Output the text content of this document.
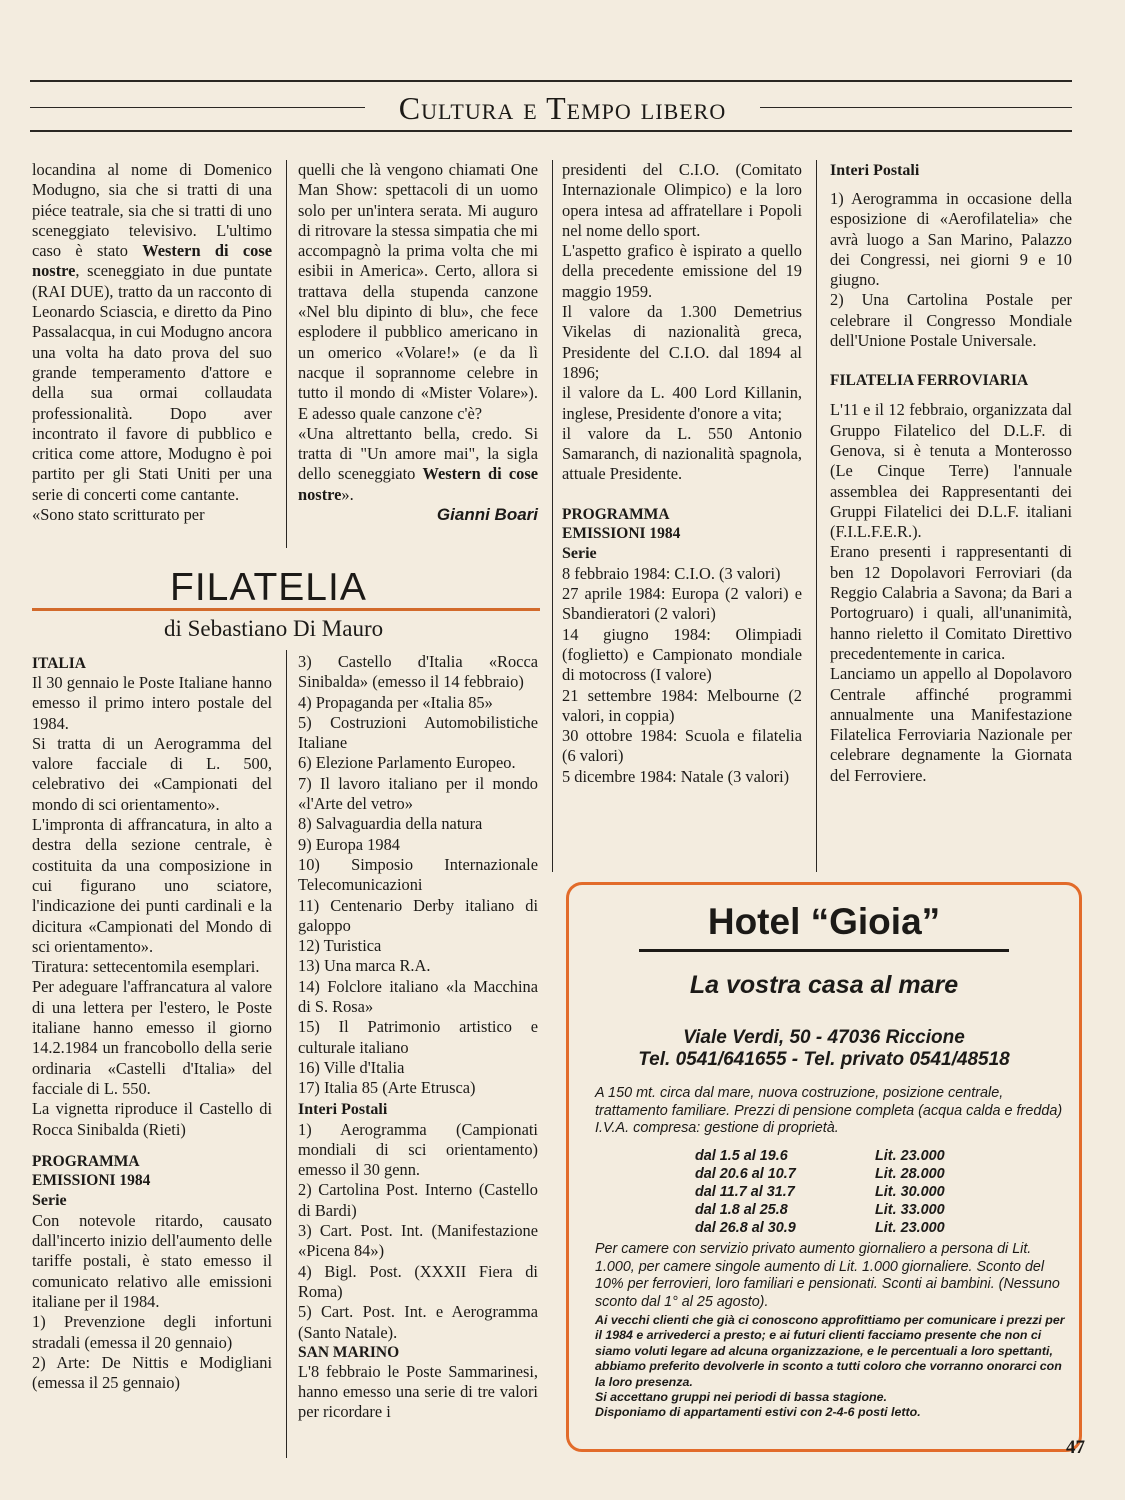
Cultura e Tempo libero

locandina al nome di Domenico Modugno, sia che si tratti di una piéce teatrale, sia che si tratti di uno sceneggiato televisivo. L'ultimo caso è stato Western di cose nostre, sceneggiato in due puntate (RAI DUE), tratto da un racconto di Leonardo Sciascia, e diretto da Pino Passalacqua, in cui Modugno ancora una volta ha dato prova del suo grande temperamento d'attore e della sua ormai collaudata professionalità. Dopo aver incontrato il favore di pubblico e critica come attore, Modugno è poi partito per gli Stati Uniti per una serie di concerti come cantante.

«Sono stato scritturato per

quelli che là vengono chiamati One Man Show: spettacoli di un uomo solo per un'intera serata. Mi auguro di ritrovare la stessa simpatia che mi accompagnò la prima volta che mi esibii in America». Certo, allora si trattava della stupenda canzone «Nel blu dipinto di blu», che fece esplodere il pubblico americano in un omerico «Volare!» (e da lì nacque il soprannome celebre in tutto il mondo di «Mister Volare»). E adesso quale canzone c'è?

«Una altrettanto bella, credo. Si tratta di "Un amore mai", la sigla dello sceneggiato Western di cose nostre».

Gianni Boari

FILATELIA
di Sebastiano Di Mauro

ITALIA

Il 30 gennaio le Poste Italiane hanno emesso il primo intero postale del 1984.

Si tratta di un Aerogramma del valore facciale di L. 500, celebrativo dei «Campionati del mondo di sci orientamento».

L'impronta di affrancatura, in alto a destra della sezione centrale, è costituita da una composizione in cui figurano uno sciatore, l'indicazione dei punti cardinali e la dicitura «Campionati del Mondo di sci orientamento».

Tiratura: settecentomila esemplari.

Per adeguare l'affrancatura al valore di una lettera per l'estero, le Poste italiane hanno emesso il giorno 14.2.1984 un francobollo della serie ordinaria «Castelli d'Italia» del facciale di L. 550.

La vignetta riproduce il Castello di Rocca Sinibalda (Rieti)

PROGRAMMA EMISSIONI 1984

Serie

Con notevole ritardo, causato dall'incerto inizio dell'aumento delle tariffe postali, è stato emesso il comunicato relativo alle emissioni italiane per il 1984.

1) Prevenzione degli infortuni stradali (emessa il 20 gennaio)

2) Arte: De Nittis e Modigliani (emessa il 25 gennaio)

3) Castello d'Italia «Rocca Sinibalda» (emesso il 14 febbraio)

4) Propaganda per «Italia 85»

5) Costruzioni Automobilistiche Italiane

6) Elezione Parlamento Europeo.

7) Il lavoro italiano per il mondo «l'Arte del vetro»

8) Salvaguardia della natura

9) Europa 1984

10) Simposio Internazionale Telecomunicazioni

11) Centenario Derby italiano di galoppo

12) Turistica

13) Una marca R.A.

14) Folclore italiano «la Macchina di S. Rosa»

15) Il Patrimonio artistico e culturale italiano

16) Ville d'Italia

17) Italia 85 (Arte Etrusca)

Interi Postali

1) Aerogramma (Campionati mondiali di sci orientamento) emesso il 30 genn.

2) Cartolina Post. Interno (Castello di Bardi)

3) Cart. Post. Int. (Manifestazione «Picena 84»)

4) Bigl. Post. (XXXII Fiera di Roma)

5) Cart. Post. Int. e Aerogramma (Santo Natale).

SAN MARINO

L'8 febbraio le Poste Sammarinesi, hanno emesso una serie di tre valori per ricordare i

presidenti del C.I.O. (Comitato Internazionale Olimpico) e la loro opera intesa ad affratellare i Popoli nel nome dello sport.

L'aspetto grafico è ispirato a quello della precedente emissione del 19 maggio 1959.

Il valore da 1.300 Demetrius Vikelas di nazionalità greca, Presidente del C.I.O. dal 1894 al 1896;

il valore da L. 400 Lord Killanin, inglese, Presidente d'onore a vita;

il valore da L. 550 Antonio Samaranch, di nazionalità spagnola, attuale Presidente.

PROGRAMMA EMISSIONI 1984

Serie

8 febbraio 1984: C.I.O. (3 valori)

27 aprile 1984: Europa (2 valori) e Sbandieratori (2 valori)

14 giugno 1984: Olimpiadi (foglietto) e Campionato mondiale di motocross (I valore)

21 settembre 1984: Melbourne (2 valori, in coppia)

30 ottobre 1984: Scuola e filatelia (6 valori)

5 dicembre 1984: Natale (3 valori)

Interi Postali

1) Aerogramma in occasione della esposizione di «Aerofilatelia» che avrà luogo a San Marino, Palazzo dei Congressi, nei giorni 9 e 10 giugno.

2) Una Cartolina Postale per celebrare il Congresso Mondiale dell'Unione Postale Universale.

FILATELIA FERROVIARIA

L'11 e il 12 febbraio, organizzata dal Gruppo Filatelico del D.L.F. di Genova, si è tenuta a Monterosso (Le Cinque Terre) l'annuale assemblea dei Rappresentanti dei Gruppi Filatelici dei D.L.F. italiani (F.I.L.F.E.R.).

Erano presenti i rappresentanti di ben 12 Dopolavori Ferroviari (da Reggio Calabria a Savona; da Bari a Portogruaro) i quali, all'unanimità, hanno rieletto il Comitato Direttivo precedentemente in carica.

Lanciamo un appello al Dopolavoro Centrale affinché programmi annualmente una Manifestazione Filatelica Ferroviaria Nazionale per celebrare degnamente la Giornata del Ferroviere.

Hotel “Gioia”
La vostra casa al mare
Viale Verdi, 50 - 47036 Riccione
Tel. 0541/641655 - Tel. privato 0541/48518
A 150 mt. circa dal mare, nuova costruzione, posizione centrale, trattamento familiare. Prezzi di pensione completa (acqua calda e fredda) I.V.A. compresa: gestione di proprietà.
dal 1.5 al 19.6	Lit. 23.000
dal 20.6 al 10.7	Lit. 28.000
dal 11.7 al 31.7	Lit. 30.000
dal 1.8 al 25.8	Lit. 33.000
dal 26.8 al 30.9	Lit. 23.000
Per camere con servizio privato aumento giornaliero a persona di Lit. 1.000, per camere singole aumento di Lit. 1.000 giornaliere. Sconto del 10% per ferrovieri, loro familiari e pensionati. Sconti ai bambini. (Nessuno sconto dal 1° al 25 agosto).
Ai vecchi clienti che già ci conoscono approfittiamo per comunicare i prezzi per il 1984 e arrivederci a presto; e ai futuri clienti facciamo presente che non ci siamo voluti legare ad alcuna organizzazione, e le percentuali a loro spettanti, abbiamo preferito devolverle in sconto a tutti coloro che vorranno onorarci con la loro presenza.
Si accettano gruppi nei periodi di bassa stagione.
Disponiamo di appartamenti estivi con 2-4-6 posti letto.
47
